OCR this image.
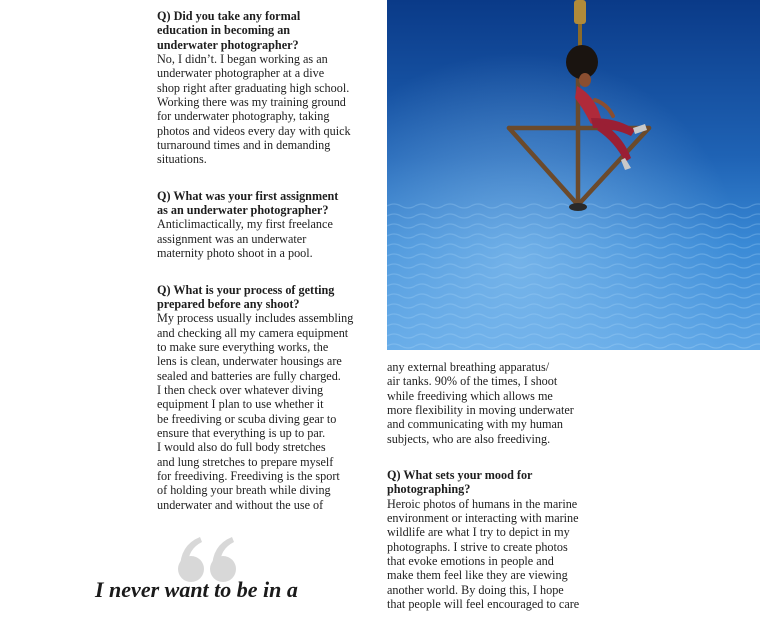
Q) Did you take any formal
education in becoming an
underwater photographer?

No, I didn’t. I began working as an
underwater photographer at a dive
shop right after graduating high school.
Working there was my training ground
for underwater photography, taking
photos and videos every day with quick
turnaround times and in demanding
situations.

Q) What was your first assignment
as an underwater photographer?

Anticlimactically, my first freelance
assignment was an underwater
maternity photo shoot in a pool.

Q) What is your process of getting
prepared before any shoot?

My process usually includes assembling
and checking all my camera equipment
to make sure everything works, the
lens is clean, underwater housings are
sealed and batteries are fully charged.
I then check over whatever diving
equipment I plan to use whether it
be freediving or scuba diving gear to
ensure that everything is up to par.
I would also do full body stretches
and lung stretches to prepare myself
for freediving. Freediving is the sport
of holding your breath while diving
underwater and without the use of

any external breathing apparatus/
air tanks. 90% of the times, I shoot
while freediving which allows me
more flexibility in moving underwater
and communicating with my human
subjects, who are also freediving.

Q) What sets your mood for
photographing?

Heroic photos of humans in the marine
environment or interacting with marine
wildlife are what I try to depict in my
photographs. I strive to create photos
that evoke emotions in people and
make them feel like they are viewing
another world. By doing this, I hope
that people will feel encouraged to care

I never want to be in a
